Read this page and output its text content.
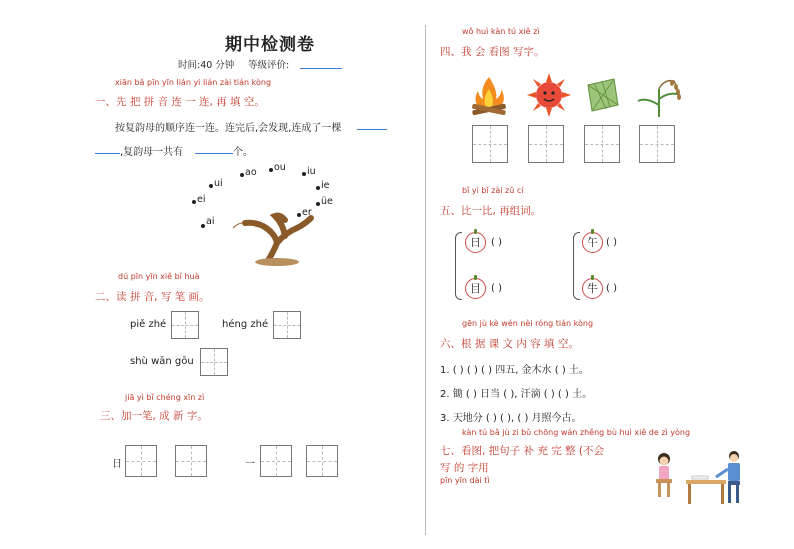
期中检测卷
时间:40 分钟 等级评价:
xiān bǎ pīn yīn lián yi lián zài tián kòng
一、先 把 拼 音 连 一 连, 再 填 空。
按复韵母的顺序连一连。连完后,会发现,连成了一棵
,复韵母一共有	个。
ao ou iu
ui	ie
ei	üe
ai
er
dú pīn yīn xiě bǐ huà
二、读 拼 音, 写 笔 画。
piě zhé	héng zhé
shù wān gōu
jiā yì bǐ chéng xīn zì
三、加一笔, 成 新 字。
日	一
wǒ huì kàn tú xiě zì
四、我 会 看图 写字。
bǐ yi bǐ zài zǔ cí
五、比一比, 再组词。
日	( )
目	( )
午 ( )
牛 ( )
gēn jù kè wén nèi róng tián kòng
六、根 据 课 文 内 容 填 空。
1. ( ) ( ) ( ) 四五, 金木水 ( ) 土。
2. 锄 ( ) 日当 ( ), 汗滴 ( ) ( ) 土。
3. 天地分 ( ) ( ), ( ) 月照今古。
kàn tú bǎ jù zi bǔ chōng wán zhěng bù huì xiě de zì yòng
七、看图, 把句子 补 充 完 整 (不会
写 的 字用
pīn yīn dài tì
